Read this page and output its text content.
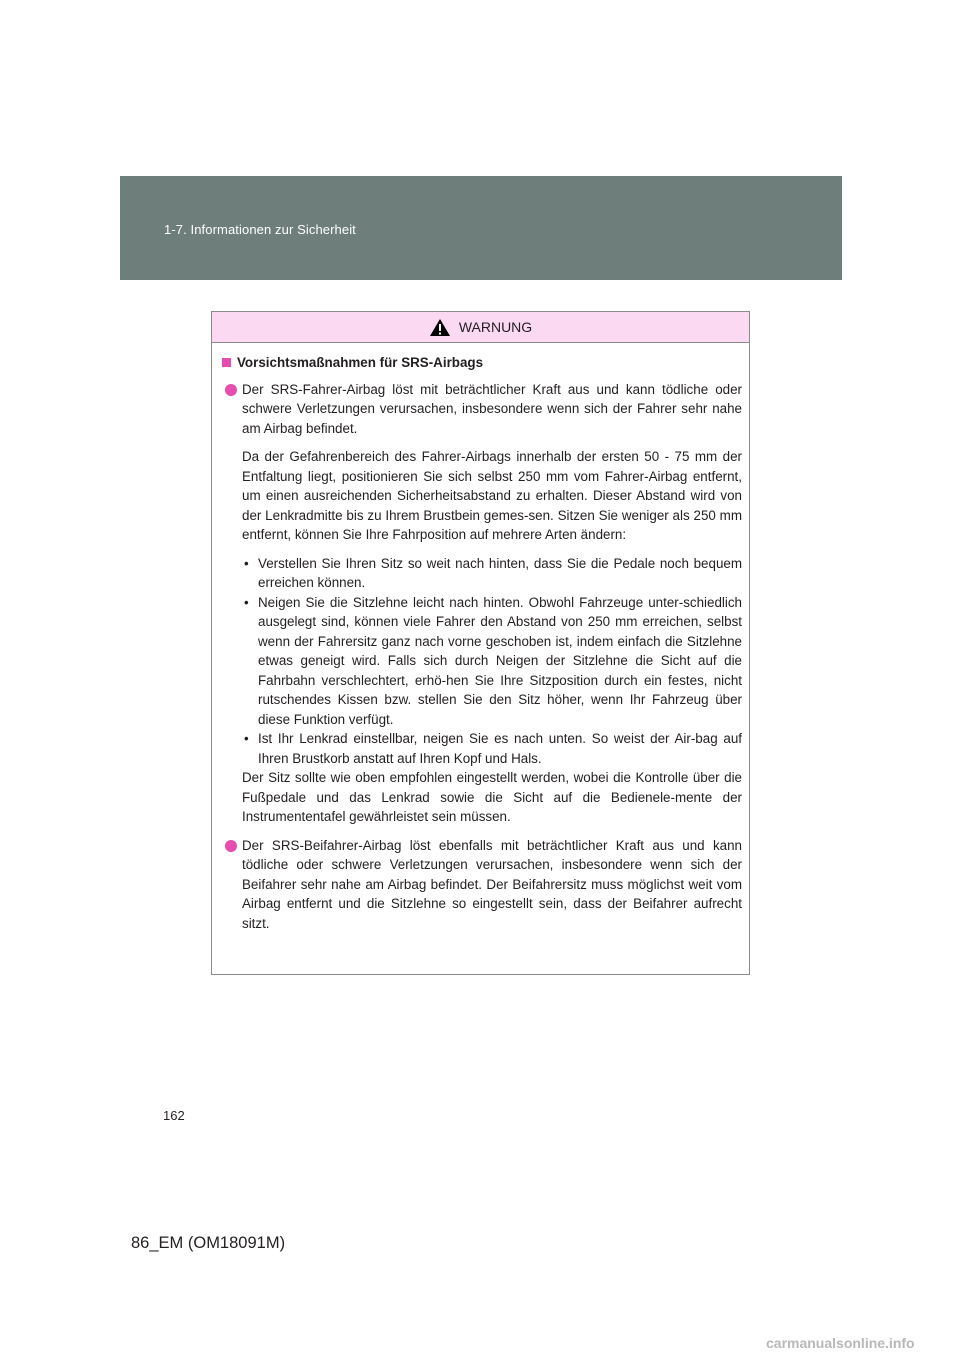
1-7. Informationen zur Sicherheit
WARNUNG
Vorsichtsmaßnahmen für SRS-Airbags

Der SRS-Fahrer-Airbag löst mit beträchtlicher Kraft aus und kann tödliche oder schwere Verletzungen verursachen, insbesondere wenn sich der Fahrer sehr nahe am Airbag befindet.

Da der Gefahrenbereich des Fahrer-Airbags innerhalb der ersten 50 - 75 mm der Entfaltung liegt, positionieren Sie sich selbst 250 mm vom Fahrer-Airbag entfernt, um einen ausreichenden Sicherheitsabstand zu erhalten. Dieser Abstand wird von der Lenkradmitte bis zu Ihrem Brustbein gemes-sen. Sitzen Sie weniger als 250 mm entfernt, können Sie Ihre Fahrposition auf mehrere Arten ändern:

• Verstellen Sie Ihren Sitz so weit nach hinten, dass Sie die Pedale noch bequem erreichen können.
• Neigen Sie die Sitzlehne leicht nach hinten. Obwohl Fahrzeuge unter-schiedlich ausgelegt sind, können viele Fahrer den Abstand von 250 mm erreichen, selbst wenn der Fahrersitz ganz nach vorne geschoben ist, indem einfach die Sitzlehne etwas geneigt wird. Falls sich durch Neigen der Sitzlehne die Sicht auf die Fahrbahn verschlechtert, erhö-hen Sie Ihre Sitzposition durch ein festes, nicht rutschendes Kissen bzw. stellen Sie den Sitz höher, wenn Ihr Fahrzeug über diese Funktion verfügt.
• Ist Ihr Lenkrad einstellbar, neigen Sie es nach unten. So weist der Air-bag auf Ihren Brustkorb anstatt auf Ihren Kopf und Hals.

Der Sitz sollte wie oben empfohlen eingestellt werden, wobei die Kontrolle über die Fußpedale und das Lenkrad sowie die Sicht auf die Bedienele-mente der Instrumententafel gewährleistet sein müssen.

Der SRS-Beifahrer-Airbag löst ebenfalls mit beträchtlicher Kraft aus und kann tödliche oder schwere Verletzungen verursachen, insbesondere wenn sich der Beifahrer sehr nahe am Airbag befindet. Der Beifahrersitz muss möglichst weit vom Airbag entfernt und die Sitzlehne so eingestellt sein, dass der Beifahrer aufrecht sitzt.

162
86_EM (OM18091M)
carmanualsonline.info
